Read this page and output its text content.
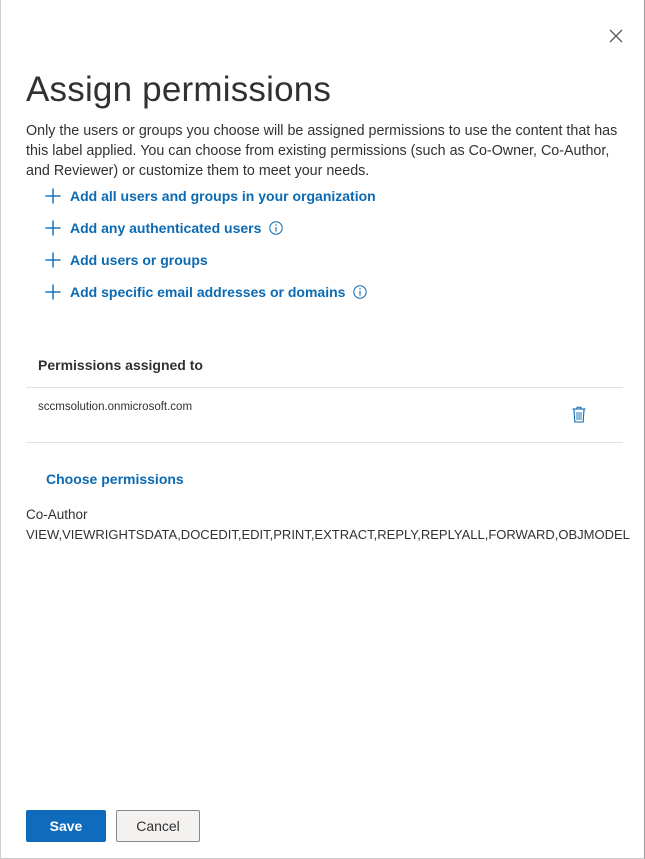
Assign permissions

Only the users or groups you choose will be assigned permissions to use the content that has this label applied. You can choose from existing permissions (such as Co-Owner, Co-Author, and Reviewer) or customize them to meet your needs.

Add all users and groups in your organization
Add any authenticated users
Add users or groups
Add specific email addresses or domains
Permissions assigned to
sccmsolution.onmicrosoft.com
Choose permissions
Co-Author
VIEW,VIEWRIGHTSDATA,DOCEDIT,EDIT,PRINT,EXTRACT,REPLY,REPLYALL,FORWARD,OBJMODEL
Save	Cancel
